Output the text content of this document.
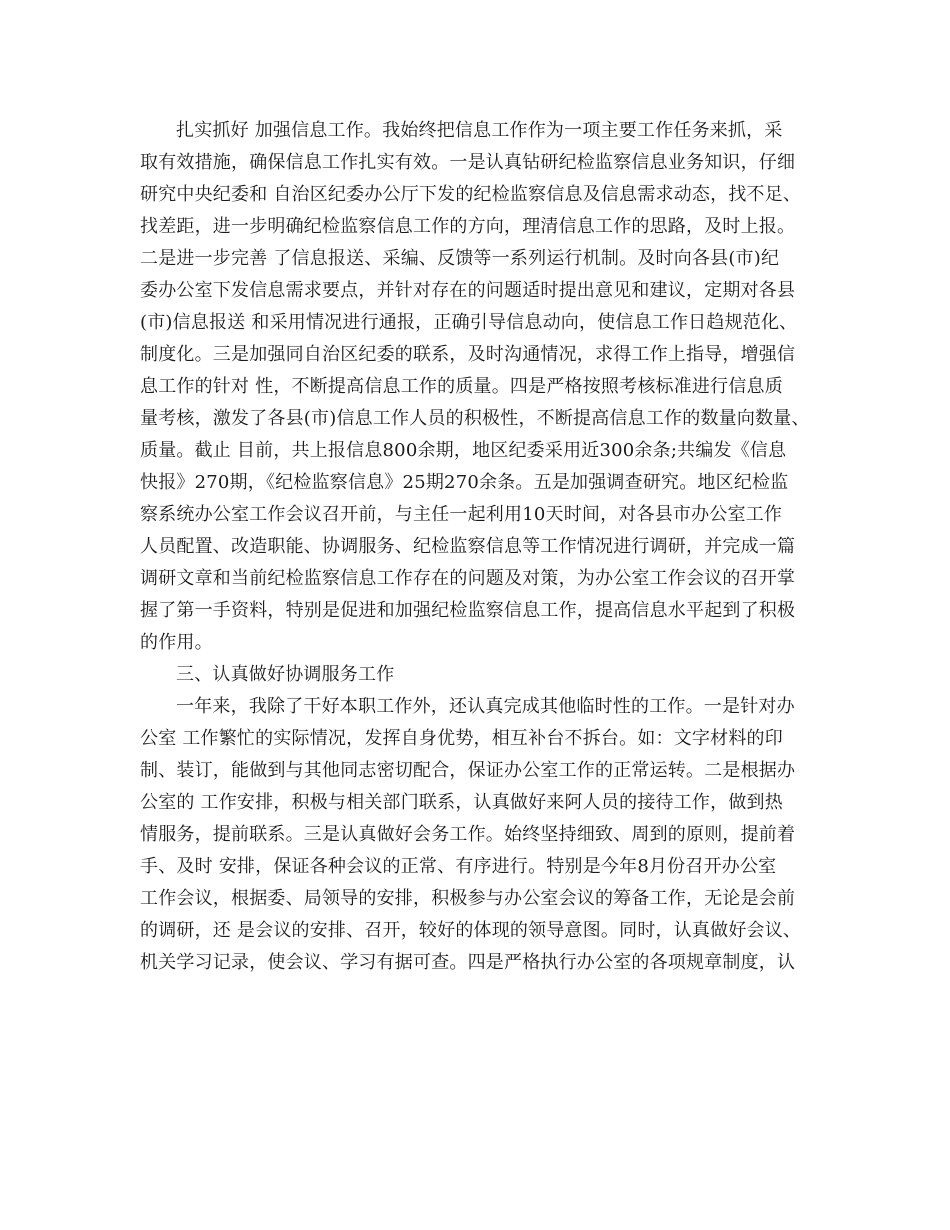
扎实抓好 加强信息工作。我始终把信息工作作为一项主要工作任务来抓，采
取有效措施，确保信息工作扎实有效。一是认真钻研纪检监察信息业务知识，仔细
研究中央纪委和 自治区纪委办公厅下发的纪检监察信息及信息需求动态，找不足、
找差距，进一步明确纪检监察信息工作的方向，理清信息工作的思路，及时上报。
二是进一步完善 了信息报送、采编、反馈等一系列运行机制。及时向各县(市)纪
委办公室下发信息需求要点，并针对存在的问题适时提出意见和建议，定期对各县
(市)信息报送 和采用情况进行通报，正确引导信息动向，使信息工作日趋规范化、
制度化。三是加强同自治区纪委的联系，及时沟通情况，求得工作上指导，增强信
息工作的针对 性，不断提高信息工作的质量。四是严格按照考核标准进行信息质
量考核，激发了各县(市)信息工作人员的积极性，不断提高信息工作的数量向数量、
质量。截止 目前，共上报信息800余期，地区纪委采用近300余条;共编发《信息
快报》270期，《纪检监察信息》25期270余条。五是加强调查研究。地区纪检监
察系统办公室工作会议召开前，与主任一起利用10天时间，对各县市办公室工作
人员配置、改造职能、协调服务、纪检监察信息等工作情况进行调研，并完成一篇
调研文章和当前纪检监察信息工作存在的问题及对策，为办公室工作会议的召开掌
握了第一手资料，特别是促进和加强纪检监察信息工作，提高信息水平起到了积极
的作用。
三、认真做好协调服务工作
一年来，我除了干好本职工作外，还认真完成其他临时性的工作。一是针对办
公室 工作繁忙的实际情况，发挥自身优势，相互补台不拆台。如：文字材料的印
制、装订，能做到与其他同志密切配合，保证办公室工作的正常运转。二是根据办
公室的 工作安排，积极与相关部门联系，认真做好来阿人员的接待工作，做到热
情服务，提前联系。三是认真做好会务工作。始终坚持细致、周到的原则，提前着
手、及时 安排，保证各种会议的正常、有序进行。特别是今年8月份召开办公室
工作会议，根据委、局领导的安排，积极参与办公室会议的筹备工作，无论是会前
的调研，还 是会议的安排、召开，较好的体现的领导意图。同时，认真做好会议、
机关学习记录，使会议、学习有据可查。四是严格执行办公室的各项规章制度，认
